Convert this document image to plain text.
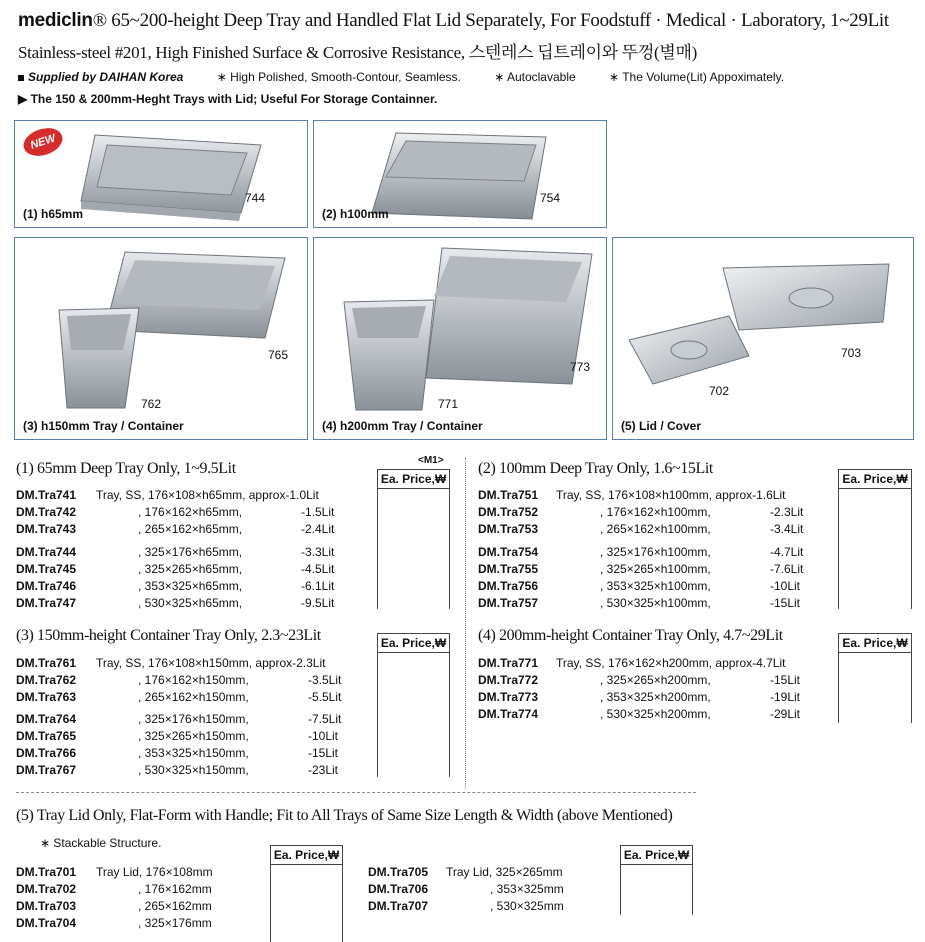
mediclin® 65~200-height Deep Tray and Handled Flat Lid Separately, For Foodstuff · Medical · Laboratory, 1~29Lit
Stainless-steel #201, High Finished Surface & Corrosive Resistance, 스텐레스 딥트레이와 뚜껑(별매)
Supplied by DAIHAN Korea	∗ High Polished, Smooth-Contour, Seamless.	∗ Autoclavable	∗ The Volume(Lit) Appoximately.
▶ The 150 & 200mm-Heght Trays with Lid; Useful For Storage Containner.
NEW
744
(1) h65mm
754
(2) h100mm
765
762
(3) h150mm Tray / Container
773
771
(4) h200mm Tray / Container
703
702
(5) Lid / Cover
(1) 65mm Deep Tray Only, 1~9.5Lit	<M1>
Ea. Price,₩
DM.Tra741 Tray, SS, 176×108×h65mm, approx-1.0Lit
DM.Tra742	, 176×162×h65mm,	-1.5Lit
DM.Tra743	, 265×162×h65mm,	-2.4Lit
DM.Tra744	, 325×176×h65mm,	-3.3Lit
DM.Tra745	, 325×265×h65mm,	-4.5Lit
DM.Tra746	, 353×325×h65mm,	-6.1Lit
DM.Tra747	, 530×325×h65mm,	-9.5Lit
(2) 100mm Deep Tray Only, 1.6~15Lit
Ea. Price,₩
DM.Tra751 Tray, SS, 176×108×h100mm, approx-1.6Lit
DM.Tra752	, 176×162×h100mm,	-2.3Lit
DM.Tra753	, 265×162×h100mm,	-3.4Lit
DM.Tra754	, 325×176×h100mm,	-4.7Lit
DM.Tra755	, 325×265×h100mm,	-7.6Lit
DM.Tra756	, 353×325×h100mm,	-10Lit
DM.Tra757	, 530×325×h100mm,	-15Lit
(3) 150mm-height Container Tray Only, 2.3~23Lit	Ea. Price,₩
DM.Tra761 Tray, SS, 176×108×h150mm, approx-2.3Lit
DM.Tra762	, 176×162×h150mm,	-3.5Lit
DM.Tra763	, 265×162×h150mm,	-5.5Lit
DM.Tra764	, 325×176×h150mm,	-7.5Lit
DM.Tra765	, 325×265×h150mm,	-10Lit
DM.Tra766	, 353×325×h150mm,	-15Lit
DM.Tra767	, 530×325×h150mm,	-23Lit
(4) 200mm-height Container Tray Only, 4.7~29Lit	Ea. Price,₩
DM.Tra771 Tray, SS, 176×162×h200mm, approx-4.7Lit
DM.Tra772	, 325×265×h200mm,	-15Lit
DM.Tra773	, 353×325×h200mm,	-19Lit
DM.Tra774	, 530×325×h200mm,	-29Lit
(5) Tray Lid Only, Flat-Form with Handle; Fit to All Trays of Same Size Length & Width (above Mentioned)
∗ Stackable Structure.
Ea. Price,₩	Ea. Price,₩
DM.Tra701 Tray Lid, 176×108mm
DM.Tra702	, 176×162mm
DM.Tra703	, 265×162mm
DM.Tra704	, 325×176mm
DM.Tra705 Tray Lid, 325×265mm
DM.Tra706	, 353×325mm
DM.Tra707	, 530×325mm
